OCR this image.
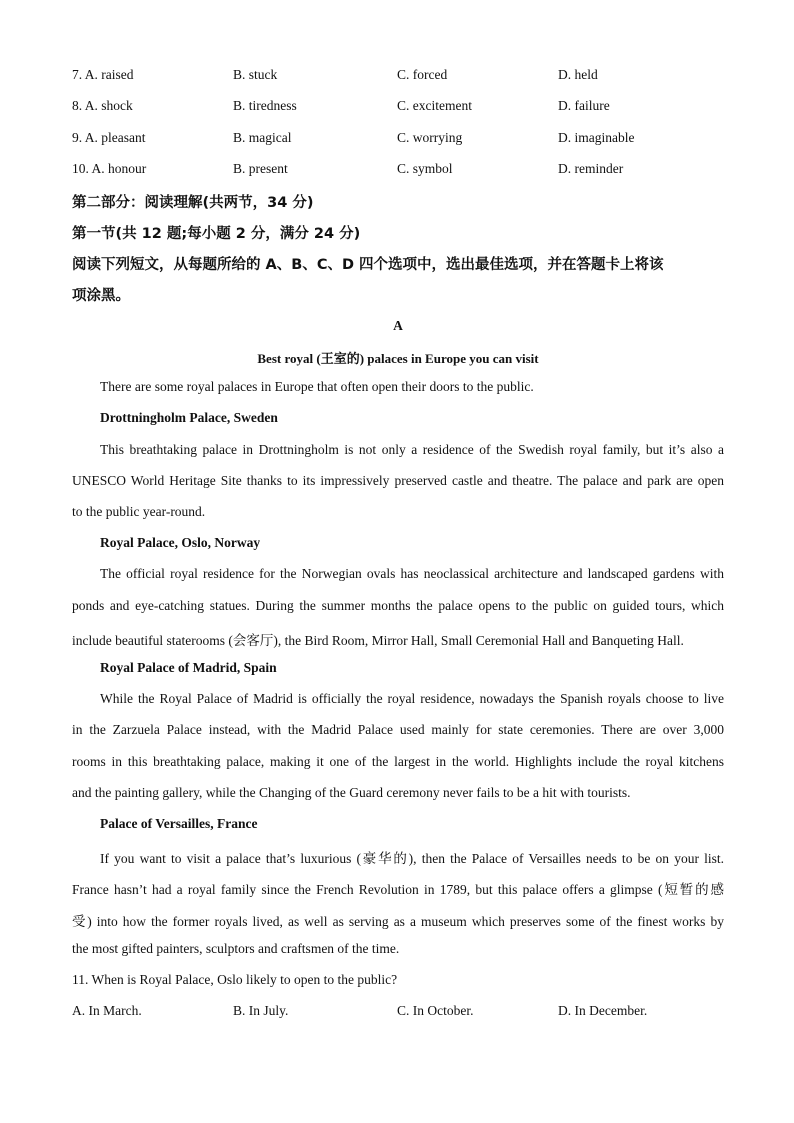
7. A. raised	B. stuck	C. forced	D. held
8. A. shock	B. tiredness	C. excitement	D. failure
9. A. pleasant	B. magical	C. worrying	D. imaginable
10. A. honour	B. present	C. symbol	D. reminder
第二部分：阅读理解(共两节，34 分)
第一节(共 12 题;每小题 2 分，满分 24 分)
阅读下列短文，从每题所给的 A、B、C、D 四个选项中，选出最佳选项，并在答题卡上将该
项涂黑。
A
Best royal (王室的) palaces in Europe you can visit
There are some royal palaces in Europe that often open their doors to the public.
Drottningholm Palace, Sweden
This breathtaking palace in Drottningholm is not only a residence of the Swedish royal family, but it’s also a
UNESCO World Heritage Site thanks to its impressively preserved castle and theatre. The palace and park are open
to the public year-round.
Royal Palace, Oslo, Norway
The official royal residence for the Norwegian ovals has neoclassical architecture and landscaped gardens with
ponds and eye-catching statues. During the summer months the palace opens to the public on guided tours, which
include beautiful staterooms (会客厅), the Bird Room, Mirror Hall, Small Ceremonial Hall and Banqueting Hall.
Royal Palace of Madrid, Spain
While the Royal Palace of Madrid is officially the royal residence, nowadays the Spanish royals choose to live
in the Zarzuela Palace instead, with the Madrid Palace used mainly for state ceremonies. There are over 3,000
rooms in this breathtaking palace, making it one of the largest in the world. Highlights include the royal kitchens
and the painting gallery, while the Changing of the Guard ceremony never fails to be a hit with tourists.
Palace of Versailles, France
If you want to visit a palace that’s luxurious (豪华的), then the Palace of Versailles needs to be on your list.
France hasn’t had a royal family since the French Revolution in 1789, but this palace offers a glimpse (短暂的感
受) into how the former royals lived, as well as serving as a museum which preserves some of the finest works by
the most gifted painters, sculptors and craftsmen of the time.
11. When is Royal Palace, Oslo likely to open to the public?
A. In March.	B. In July.	C. In October.	D. In December.
